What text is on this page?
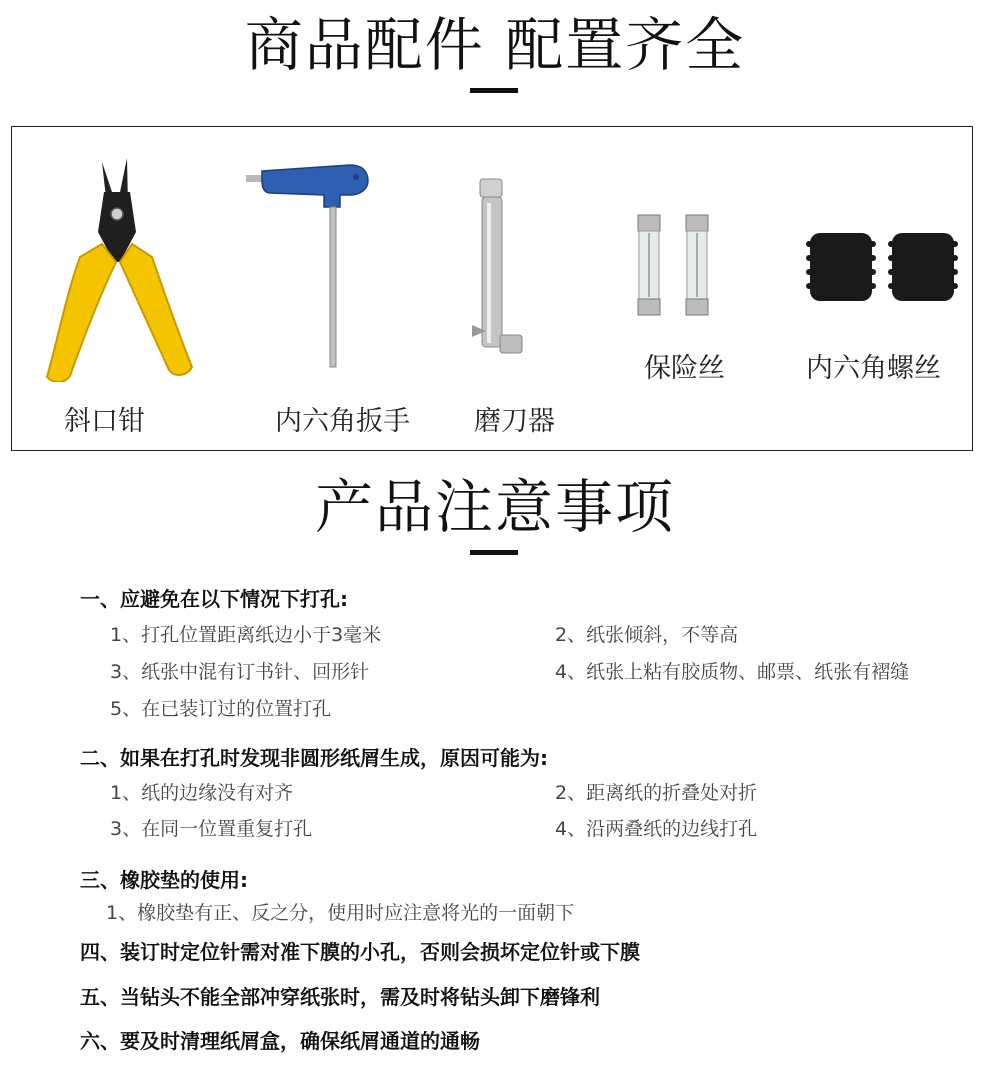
商品配件 配置齐全
斜口钳	内六角扳手 磨刀器
保险丝	内六角螺丝
产品注意事项
一、应避免在以下情况下打孔:
1、打孔位置距离纸边小于3毫米	2、纸张倾斜，不等高
3、纸张中混有订书针、回形针	4、纸张上粘有胶质物、邮票、纸张有褶缝
5、在已装订过的位置打孔
二、如果在打孔时发现非圆形纸屑生成，原因可能为:
1、纸的边缘没有对齐	2、距离纸的折叠处对折
3、在同一位置重复打孔	4、沿两叠纸的边线打孔
三、橡胶垫的使用:
1、橡胶垫有正、反之分，使用时应注意将光的一面朝下
四、装订时定位针需对准下膜的小孔，否则会损坏定位针或下膜
五、当钻头不能全部冲穿纸张时，需及时将钻头卸下磨锋利
六、要及时清理纸屑盒，确保纸屑通道的通畅
